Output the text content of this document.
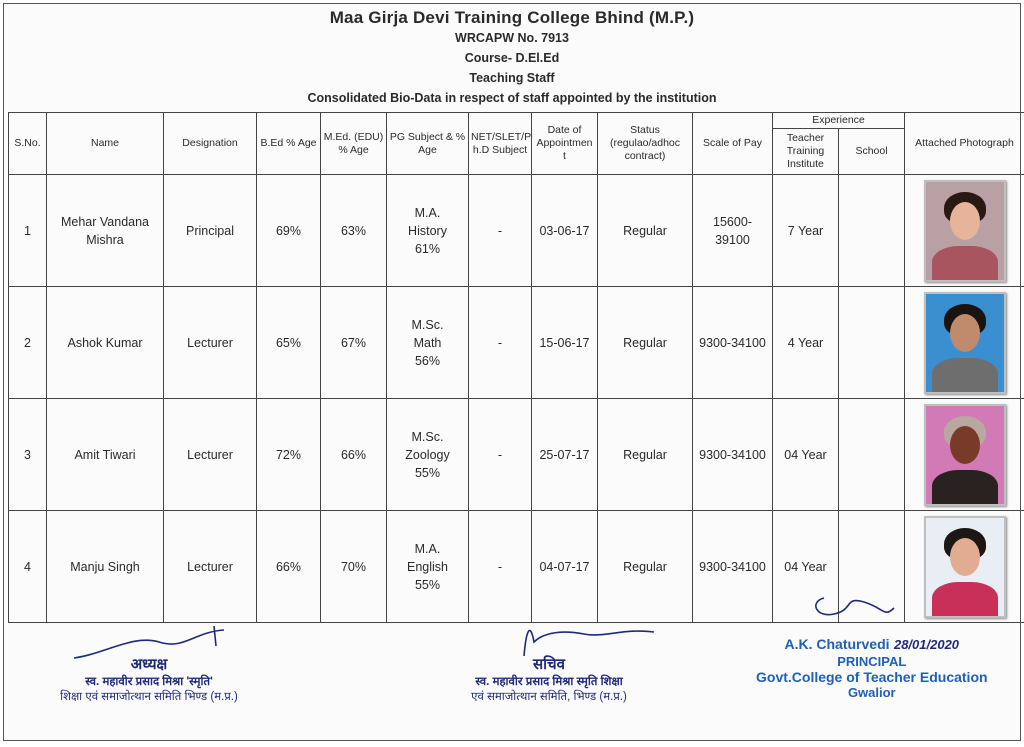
Maa Girja Devi Training College Bhind (M.P.)
WRCAPW No. 7913
Course- D.El.Ed
Teaching Staff
Consolidated Bio-Data in respect of staff appointed by the institution
S.No.	Name	Designation	B.Ed % Age	M.Ed. (EDU) % Age	PG Subject & % Age	NET/SLET/P h.D Subject	Date of Appointmen t	Status (regulao/adhoc contract)	Scale of Pay	Experience		Attached Photograph
										Teacher Training Institute	School	
1	Mehar Vandana Mishra	Principal	69%	63%	M.A.
History
61%	-	03-06-17	Regular	15600-39100	7 Year		

2	Ashok Kumar	Lecturer	65%	67%	M.Sc.
Math
56%	-	15-06-17	Regular	9300-34100	4 Year		

3	Amit Tiwari	Lecturer	72%	66%	M.Sc.
Zoology
55%	-	25-07-17	Regular	9300-34100	04 Year		

4	Manju Singh	Lecturer	66%	70%	M.A.
English
55%	-	04-07-17	Regular	9300-34100	04 Year		
अध्यक्ष
स्व. महावीर प्रसाद मिश्रा 'स्मृति'
शिक्षा एवं समाजोत्थान समिति भिण्ड (म.प्र.)
सचिव
स्व. महावीर प्रसाद मिश्रा स्मृति शिक्षा
एवं समाजोत्थान समिति, भिण्ड (म.प्र.)
A.K. Chaturvedi 28/01/2020
PRINCIPAL
Govt.College of Teacher Education
Gwalior
